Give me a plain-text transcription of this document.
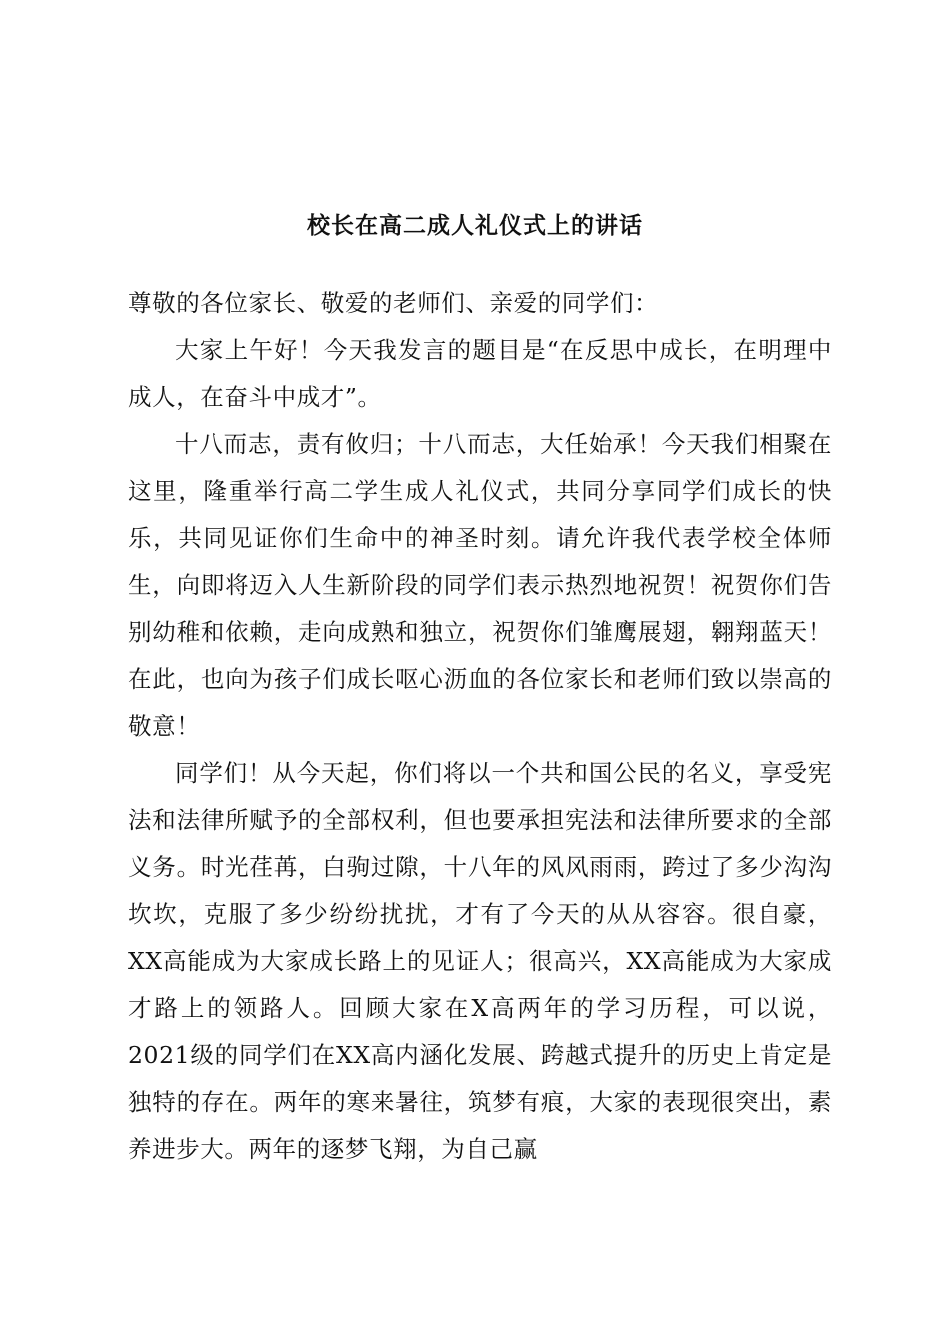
校长在高二成人礼仪式上的讲话

尊敬的各位家长、敬爱的老师们、亲爱的同学们：

大家上午好！今天我发言的题目是“在反思中成长，在明理中成人，在奋斗中成才”。

十八而志，责有攸归；十八而志，大任始承！今天我们相聚在这里，隆重举行高二学生成人礼仪式，共同分享同学们成长的快乐，共同见证你们生命中的神圣时刻。请允许我代表学校全体师生，向即将迈入人生新阶段的同学们表示热烈地祝贺！祝贺你们告别幼稚和依赖，走向成熟和独立，祝贺你们雏鹰展翅，翱翔蓝天！在此，也向为孩子们成长呕心沥血的各位家长和老师们致以崇高的敬意！

同学们！从今天起，你们将以一个共和国公民的名义，享受宪法和法律所赋予的全部权利，但也要承担宪法和法律所要求的全部义务。时光荏苒，白驹过隙，十八年的风风雨雨，跨过了多少沟沟坎坎，克服了多少纷纷扰扰，才有了今天的从从容容。很自豪，XX高能成为大家成长路上的见证人；很高兴，XX高能成为大家成才路上的领路人。回顾大家在X高两年的学习历程，可以说，2021级的同学们在XX高内涵化发展、跨越式提升的历史上肯定是独特的存在。两年的寒来暑往，筑梦有痕，大家的表现很突出，素养进步大。两年的逐梦飞翔，为自己赢
